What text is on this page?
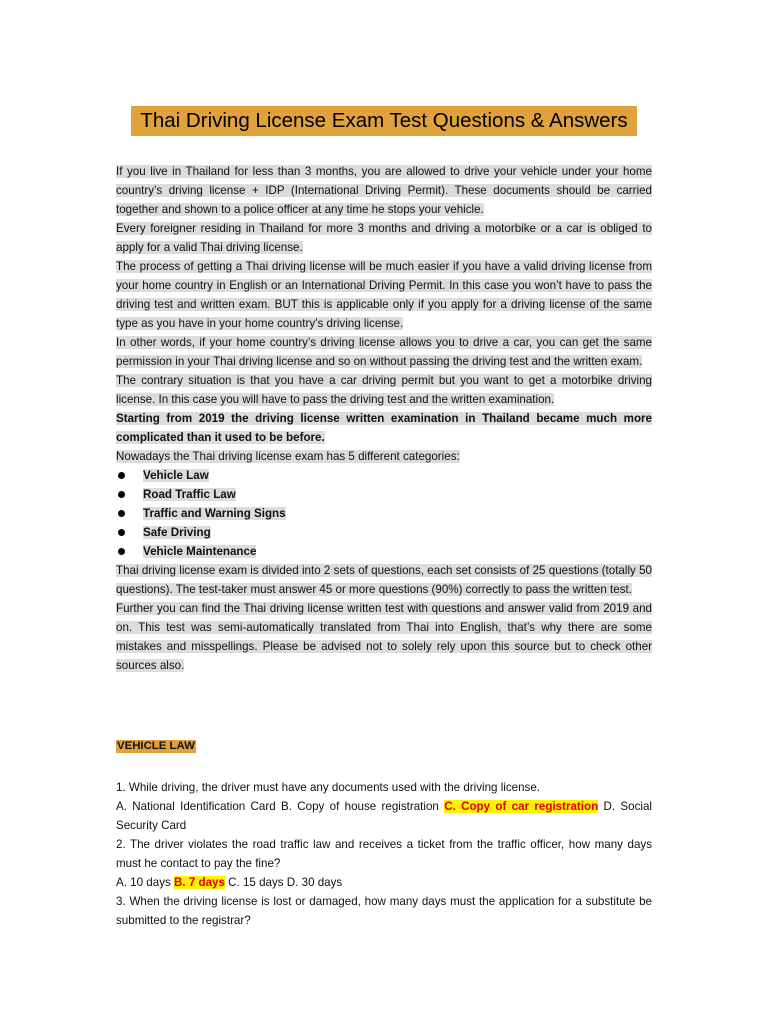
Thai Driving License Exam Test Questions & Answers

If you live in Thailand for less than 3 months, you are allowed to drive your vehicle under your home country’s driving license + IDP (International Driving Permit). These documents should be carried together and shown to a police officer at any time he stops your vehicle.

Every foreigner residing in Thailand for more 3 months and driving a motorbike or a car is obliged to apply for a valid Thai driving license.

The process of getting a Thai driving license will be much easier if you have a valid driving license from your home country in English or an International Driving Permit. In this case you won’t have to pass the driving test and written exam. BUT this is applicable only if you apply for a driving license of the same type as you have in your home country’s driving license.

In other words, if your home country’s driving license allows you to drive a car, you can get the same permission in your Thai driving license and so on without passing the driving test and the written exam.

The contrary situation is that you have a car driving permit but you want to get a motorbike driving license. In this case you will have to pass the driving test and the written examination.

Starting from 2019 the driving license written examination in Thailand became much more complicated than it used to be before.

Nowadays the Thai driving license exam has 5 different categories:

Vehicle Law
Road Traffic Law
Traffic and Warning Signs
Safe Driving
Vehicle Maintenance

Thai driving license exam is divided into 2 sets of questions, each set consists of 25 questions (totally 50 questions). The test-taker must answer 45 or more questions (90%) correctly to pass the written test.

Further you can find the Thai driving license written test with questions and answer valid from 2019 and on. This test was semi-automatically translated from Thai into English, that’s why there are some mistakes and misspellings. Please be advised not to solely rely upon this source but to check other sources also.

VEHICLE LAW

1. While driving, the driver must have any documents used with the driving license.

A. National Identification Card B. Copy of house registration C. Copy of car registration D. Social Security Card

2. The driver violates the road traffic law and receives a ticket from the traffic officer, how many days must he contact to pay the fine?

A. 10 days B. 7 days C. 15 days D. 30 days

3. When the driving license is lost or damaged, how many days must the application for a substitute be submitted to the registrar?
